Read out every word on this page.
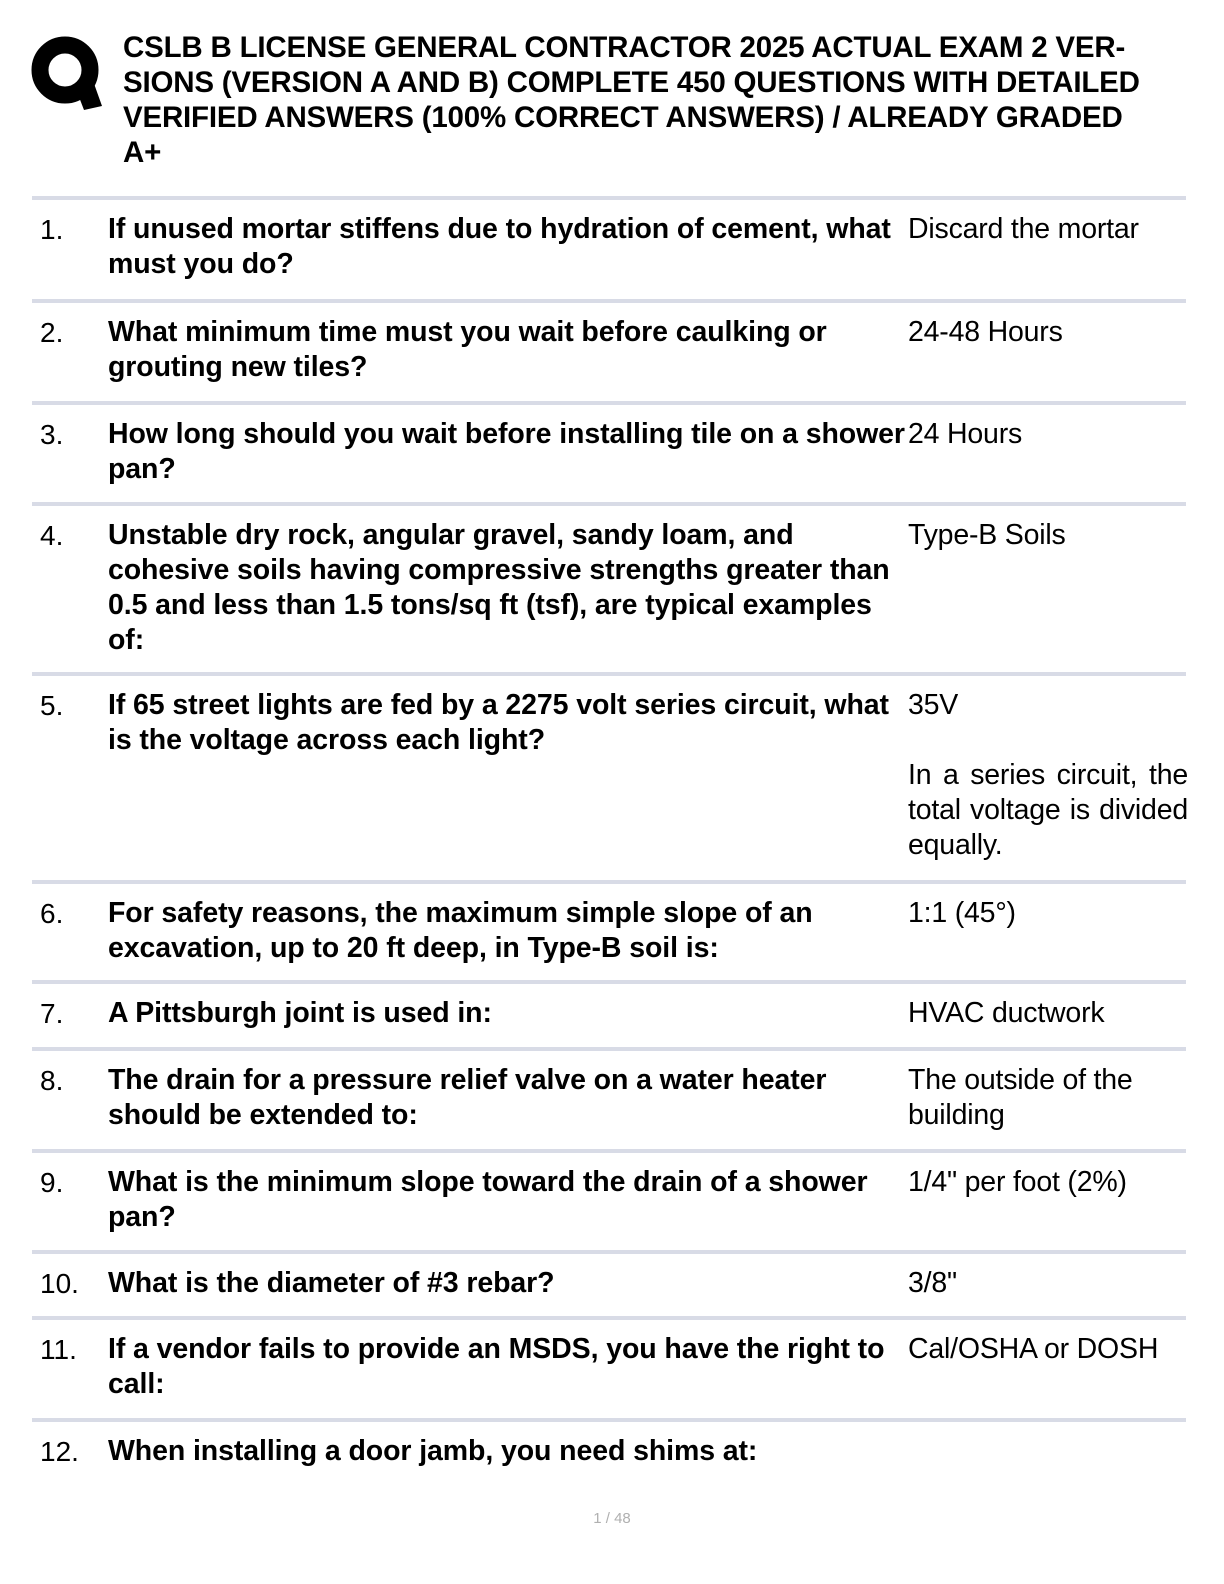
CSLB B LICENSE GENERAL CONTRACTOR 2025 ACTUAL EXAM 2 VER-
SIONS (VERSION A AND B) COMPLETE 450 QUESTIONS WITH DETAILED
VERIFIED ANSWERS (100% CORRECT ANSWERS) / ALREADY GRADED
A+
1. If unused mortar stiffens due to hydration of cement, what must you do?
Discard the mortar
2. What minimum time must you wait before caulking or grouting new tiles?
24-48 Hours
3. How long should you wait before installing tile on a shower pan?
24 Hours
4. Unstable dry rock, angular gravel, sandy loam, and cohesive soils having compressive strengths greater than 0.5 and less than 1.5 tons/sq ft (tsf), are typical examples of:
Type-B Soils
5. If 65 street lights are fed by a 2275 volt series circuit, what is the voltage across each light?
35V
In a series circuit, the total voltage is divided equally.
6. For safety reasons, the maximum simple slope of an excavation, up to 20 ft deep, in Type-B soil is:
1:1 (45°)
7. A Pittsburgh joint is used in:	HVAC ductwork
8. The drain for a pressure relief valve on a water heater should be extended to:
The outside of the building
9. What is the minimum slope toward the drain of a shower pan?
1/4" per foot (2%)
10. What is the diameter of #3 rebar?	3/8"
11. If a vendor fails to provide an MSDS, you have the right to call:
Cal/OSHA or DOSH
12. When installing a door jamb, you need shims at:
1 / 48
